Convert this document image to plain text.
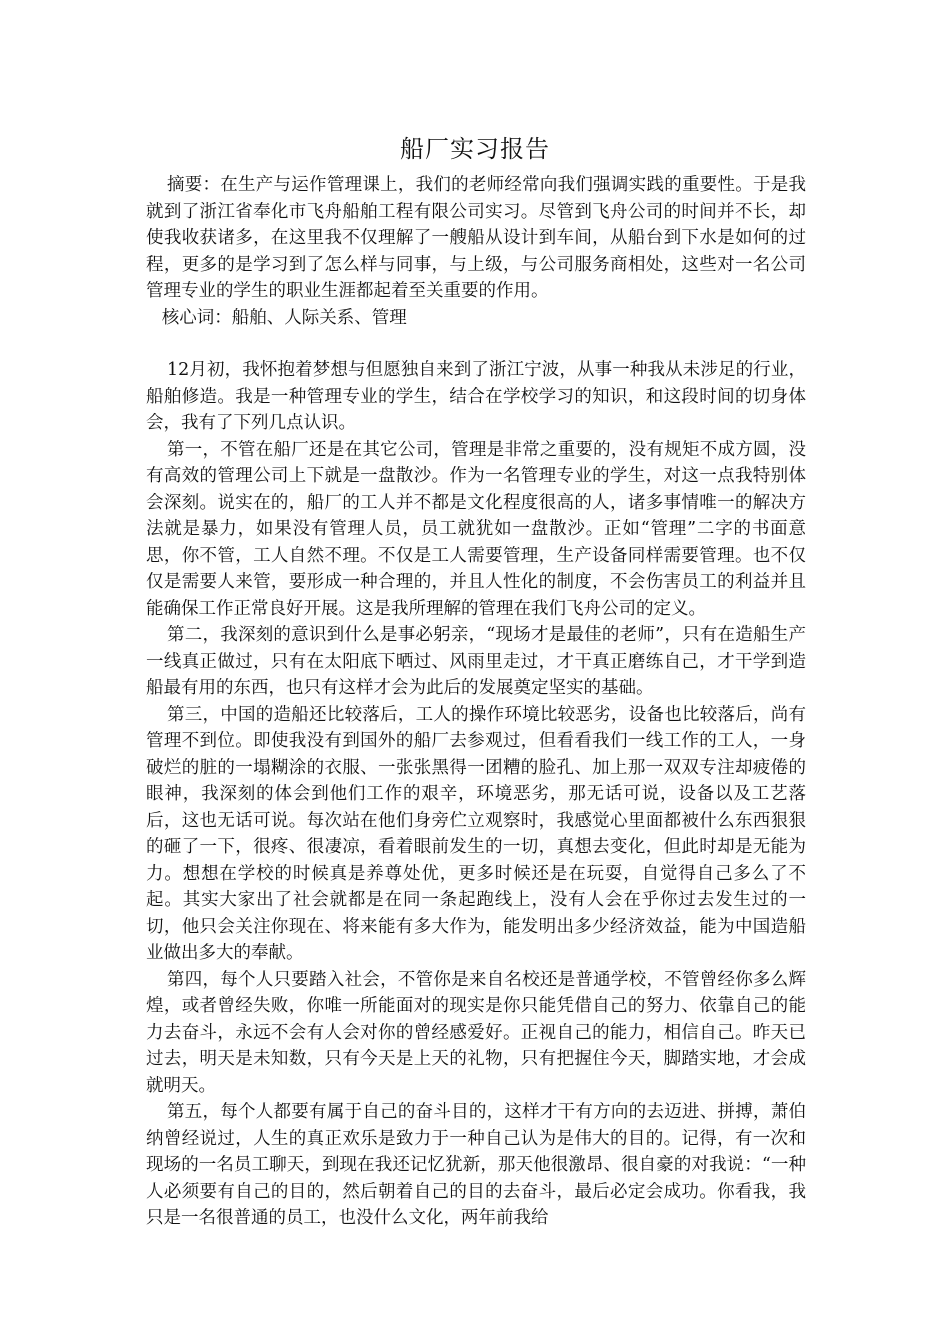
船厂实习报告

摘要：在生产与运作管理课上，我们的老师经常向我们强调实践的重要性。于是我就到了浙江省奉化市飞舟船舶工程有限公司实习。尽管到飞舟公司的时间并不长，却使我收获诸多，在这里我不仅理解了一艘船从设计到车间，从船台到下水是如何的过程，更多的是学习到了怎么样与同事，与上级，与公司服务商相处，这些对一名公司管理专业的学生的职业生涯都起着至关重要的作用。

核心词：船舶、人际关系、管理

12月初，我怀抱着梦想与但愿独自来到了浙江宁波，从事一种我从未涉足的行业，船舶修造。我是一种管理专业的学生，结合在学校学习的知识，和这段时间的切身体会，我有了下列几点认识。

第一，不管在船厂还是在其它公司，管理是非常之重要的，没有规矩不成方圆，没有高效的管理公司上下就是一盘散沙。作为一名管理专业的学生，对这一点我特别体会深刻。说实在的，船厂的工人并不都是文化程度很高的人，诸多事情唯一的解决方法就是暴力，如果没有管理人员，员工就犹如一盘散沙。正如“管理”二字的书面意思，你不管，工人自然不理。不仅是工人需要管理，生产设备同样需要管理。也不仅仅是需要人来管，要形成一种合理的，并且人性化的制度，不会伤害员工的利益并且能确保工作正常良好开展。这是我所理解的管理在我们飞舟公司的定义。

第二，我深刻的意识到什么是事必躬亲，“现场才是最佳的老师”，只有在造船生产一线真正做过，只有在太阳底下晒过、风雨里走过，才干真正磨练自己，才干学到造船最有用的东西，也只有这样才会为此后的发展奠定坚实的基础。

第三，中国的造船还比较落后，工人的操作环境比较恶劣，设备也比较落后，尚有管理不到位。即使我没有到国外的船厂去参观过，但看看我们一线工作的工人，一身破烂的脏的一塌糊涂的衣服、一张张黑得一团糟的脸孔、加上那一双双专注却疲倦的眼神，我深刻的体会到他们工作的艰辛，环境恶劣，那无话可说，设备以及工艺落后，这也无话可说。每次站在他们身旁伫立观察时，我感觉心里面都被什么东西狠狠的砸了一下，很疼、很凄凉，看着眼前发生的一切，真想去变化，但此时却是无能为力。想想在学校的时候真是养尊处优，更多时候还是在玩耍，自觉得自己多么了不起。其实大家出了社会就都是在同一条起跑线上，没有人会在乎你过去发生过的一切，他只会关注你现在、将来能有多大作为，能发明出多少经济效益，能为中国造船业做出多大的奉献。

第四，每个人只要踏入社会，不管你是来自名校还是普通学校，不管曾经你多么辉煌，或者曾经失败，你唯一所能面对的现实是你只能凭借自己的努力、依靠自己的能力去奋斗，永远不会有人会对你的曾经感爱好。正视自己的能力，相信自己。昨天已过去，明天是未知数，只有今天是上天的礼物，只有把握住今天，脚踏实地，才会成就明天。

第五，每个人都要有属于自己的奋斗目的，这样才干有方向的去迈进、拼搏，萧伯纳曾经说过，人生的真正欢乐是致力于一种自己认为是伟大的目的。记得，有一次和现场的一名员工聊天，到现在我还记忆犹新，那天他很激昂、很自豪的对我说：“一种人必须要有自己的目的，然后朝着自己的目的去奋斗，最后必定会成功。你看我，我只是一名很普通的员工，也没什么文化，两年前我给
